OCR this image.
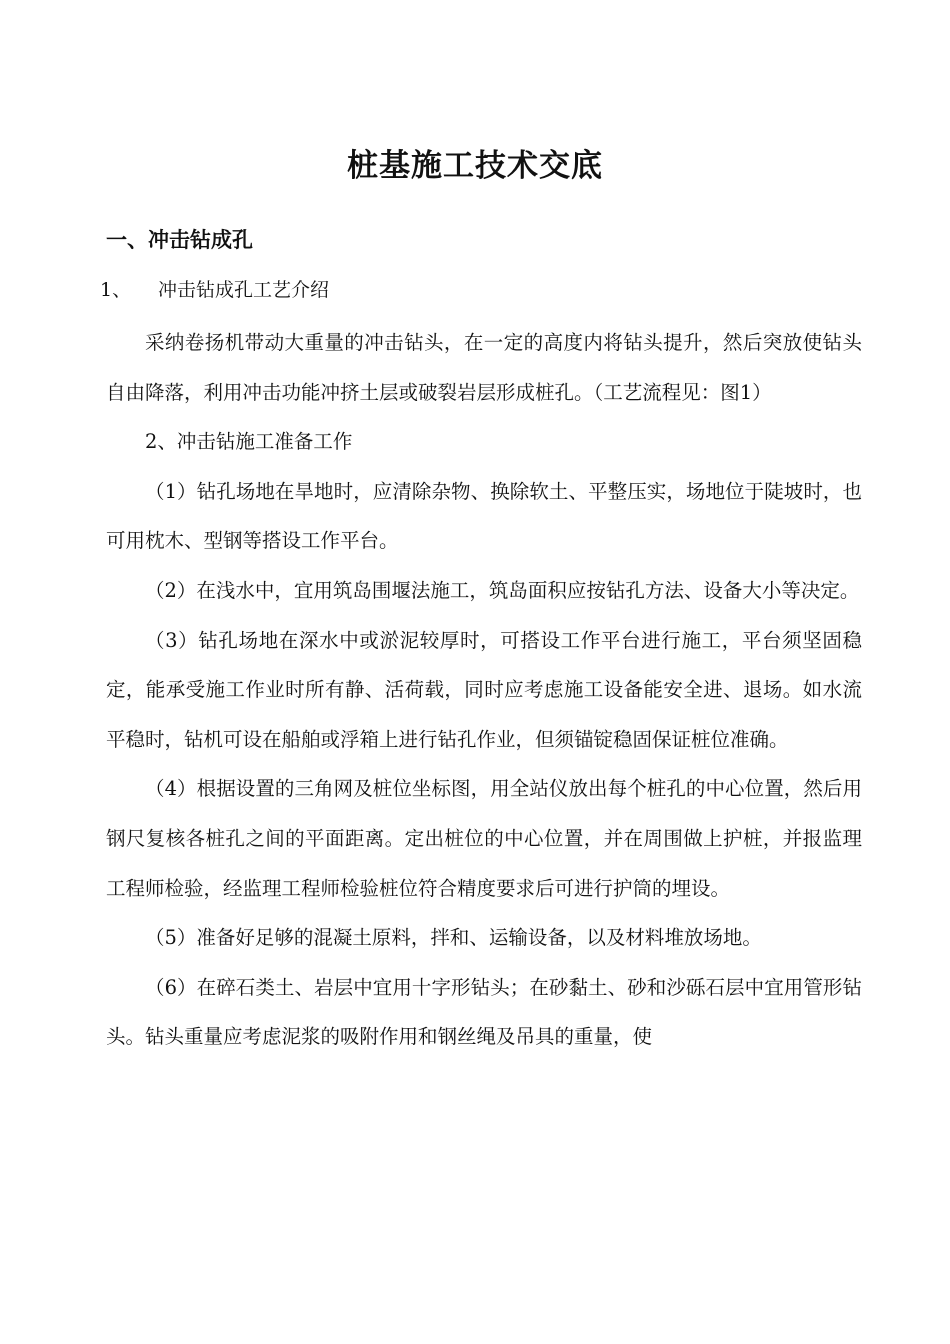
桩基施工技术交底
一、冲击钻成孔
1、 冲击钻成孔工艺介绍

采纳卷扬机带动大重量的冲击钻头，在一定的高度内将钻头提升，然后突放使钻头自由降落，利用冲击功能冲挤土层或破裂岩层形成桩孔。（工艺流程见：图1）

2、冲击钻施工准备工作

（1）钻孔场地在旱地时，应清除杂物、换除软土、平整压实，场地位于陡坡时，也可用枕木、型钢等搭设工作平台。

（2）在浅水中，宜用筑岛围堰法施工，筑岛面积应按钻孔方法、设备大小等决定。

（3）钻孔场地在深水中或淤泥较厚时，可搭设工作平台进行施工，平台须坚固稳定，能承受施工作业时所有静、活荷载，同时应考虑施工设备能安全进、退场。如水流平稳时，钻机可设在船舶或浮箱上进行钻孔作业，但须锚锭稳固保证桩位准确。

（4）根据设置的三角网及桩位坐标图，用全站仪放出每个桩孔的中心位置，然后用钢尺复核各桩孔之间的平面距离。定出桩位的中心位置，并在周围做上护桩，并报监理工程师检验，经监理工程师检验桩位符合精度要求后可进行护筒的埋设。

（5）准备好足够的混凝土原料，拌和、运输设备，以及材料堆放场地。

（6）在碎石类土、岩层中宜用十字形钻头；在砂黏土、砂和沙砾石层中宜用管形钻头。钻头重量应考虑泥浆的吸附作用和钢丝绳及吊具的重量，使
